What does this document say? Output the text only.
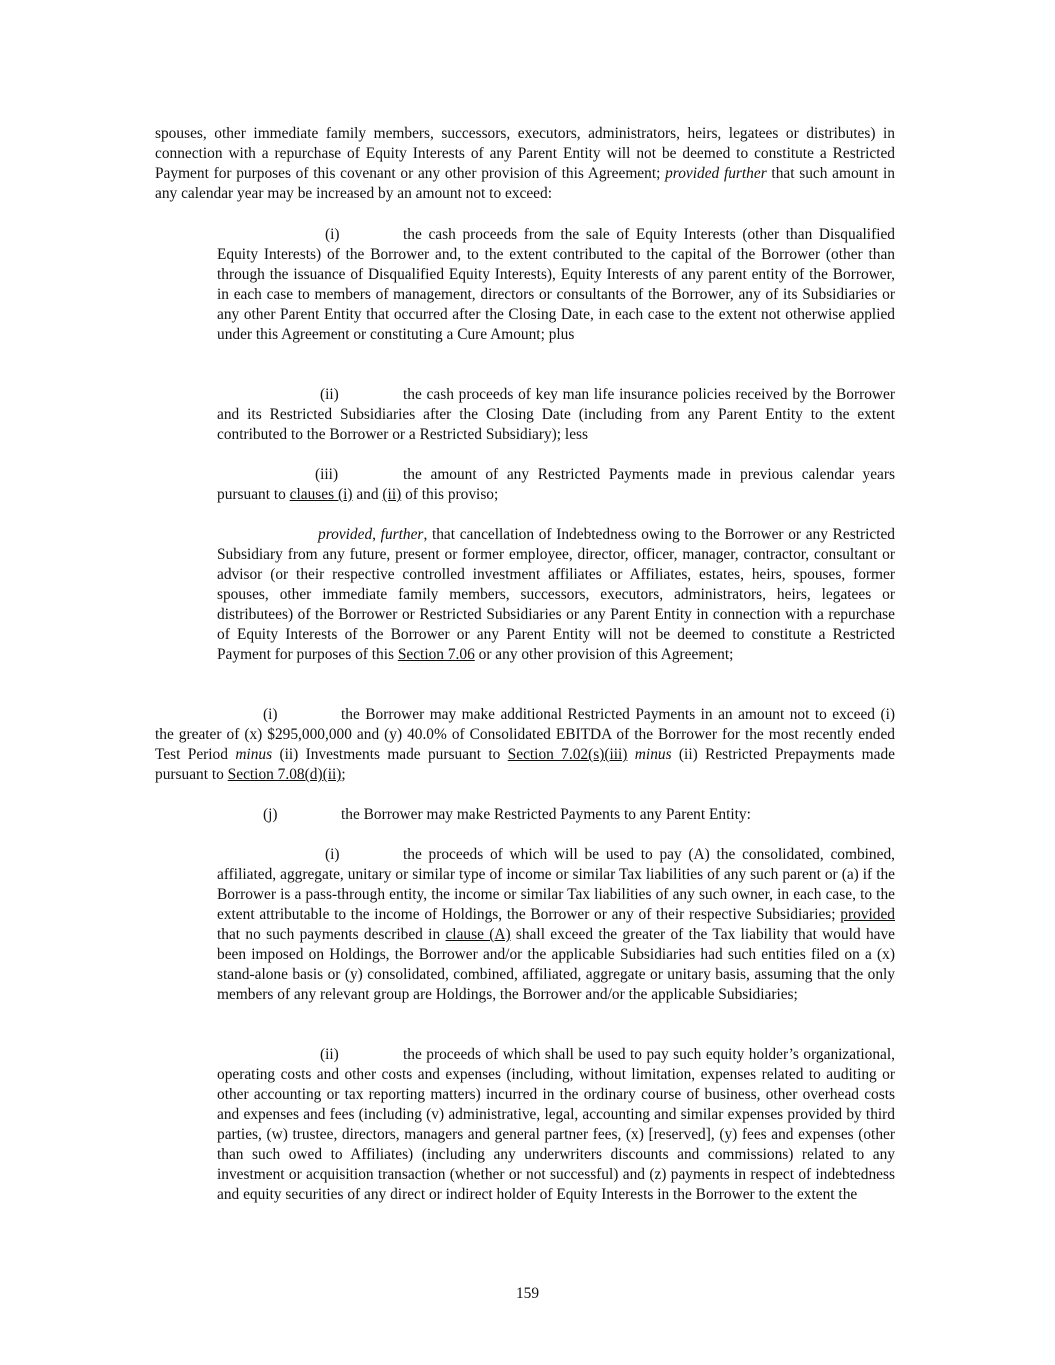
spouses, other immediate family members, successors, executors, administrators, heirs, legatees or distributes) in connection with a repurchase of Equity Interests of any Parent Entity will not be deemed to constitute a Restricted Payment for purposes of this covenant or any other provision of this Agreement; provided further that such amount in any calendar year may be increased by an amount not to exceed:

(i)	the cash proceeds from the sale of Equity Interests (other than Disqualified Equity Interests) of the Borrower and, to the extent contributed to the capital of the Borrower (other than through the issuance of Disqualified Equity Interests), Equity Interests of any parent entity of the Borrower, in each case to members of management, directors or consultants of the Borrower, any of its Subsidiaries or any other Parent Entity that occurred after the Closing Date, in each case to the extent not otherwise applied under this Agreement or constituting a Cure Amount; plus

(ii)	the cash proceeds of key man life insurance policies received by the Borrower and its Restricted Subsidiaries after the Closing Date (including from any Parent Entity to the extent contributed to the Borrower or a Restricted Subsidiary); less

(iii)	the amount of any Restricted Payments made in previous calendar years pursuant to clauses (i) and (ii) of this proviso;

provided, further, that cancellation of Indebtedness owing to the Borrower or any Restricted Subsidiary from any future, present or former employee, director, officer, manager, contractor, consultant or advisor (or their respective controlled investment affiliates or Affiliates, estates, heirs, spouses, former spouses, other immediate family members, successors, executors, administrators, heirs, legatees or distributees) of the Borrower or Restricted Subsidiaries or any Parent Entity in connection with a repurchase of Equity Interests of the Borrower or any Parent Entity will not be deemed to constitute a Restricted Payment for purposes of this Section 7.06 or any other provision of this Agreement;

(i)	the Borrower may make additional Restricted Payments in an amount not to exceed (i) the greater of (x) $295,000,000 and (y) 40.0% of Consolidated EBITDA of the Borrower for the most recently ended Test Period minus (ii) Investments made pursuant to Section 7.02(s)(iii) minus (ii) Restricted Prepayments made pursuant to Section 7.08(d)(ii);

(j)	the Borrower may make Restricted Payments to any Parent Entity:

(i)	the proceeds of which will be used to pay (A) the consolidated, combined, affiliated, aggregate, unitary or similar type of income or similar Tax liabilities of any such parent or (a) if the Borrower is a pass-through entity, the income or similar Tax liabilities of any such owner, in each case, to the extent attributable to the income of Holdings, the Borrower or any of their respective Subsidiaries; provided that no such payments described in clause (A) shall exceed the greater of the Tax liability that would have been imposed on Holdings, the Borrower and/or the applicable Subsidiaries had such entities filed on a (x) stand-alone basis or (y) consolidated, combined, affiliated, aggregate or unitary basis, assuming that the only members of any relevant group are Holdings, the Borrower and/or the applicable Subsidiaries;

(ii)	the proceeds of which shall be used to pay such equity holder’s organizational, operating costs and other costs and expenses (including, without limitation, expenses related to auditing or other accounting or tax reporting matters) incurred in the ordinary course of business, other overhead costs and expenses and fees (including (v) administrative, legal, accounting and similar expenses provided by third parties, (w) trustee, directors, managers and general partner fees, (x) [reserved], (y) fees and expenses (other than such owed to Affiliates) (including any underwriters discounts and commissions) related to any investment or acquisition transaction (whether or not successful) and (z) payments in respect of indebtedness and equity securities of any direct or indirect holder of Equity Interests in the Borrower to the extent the

159
